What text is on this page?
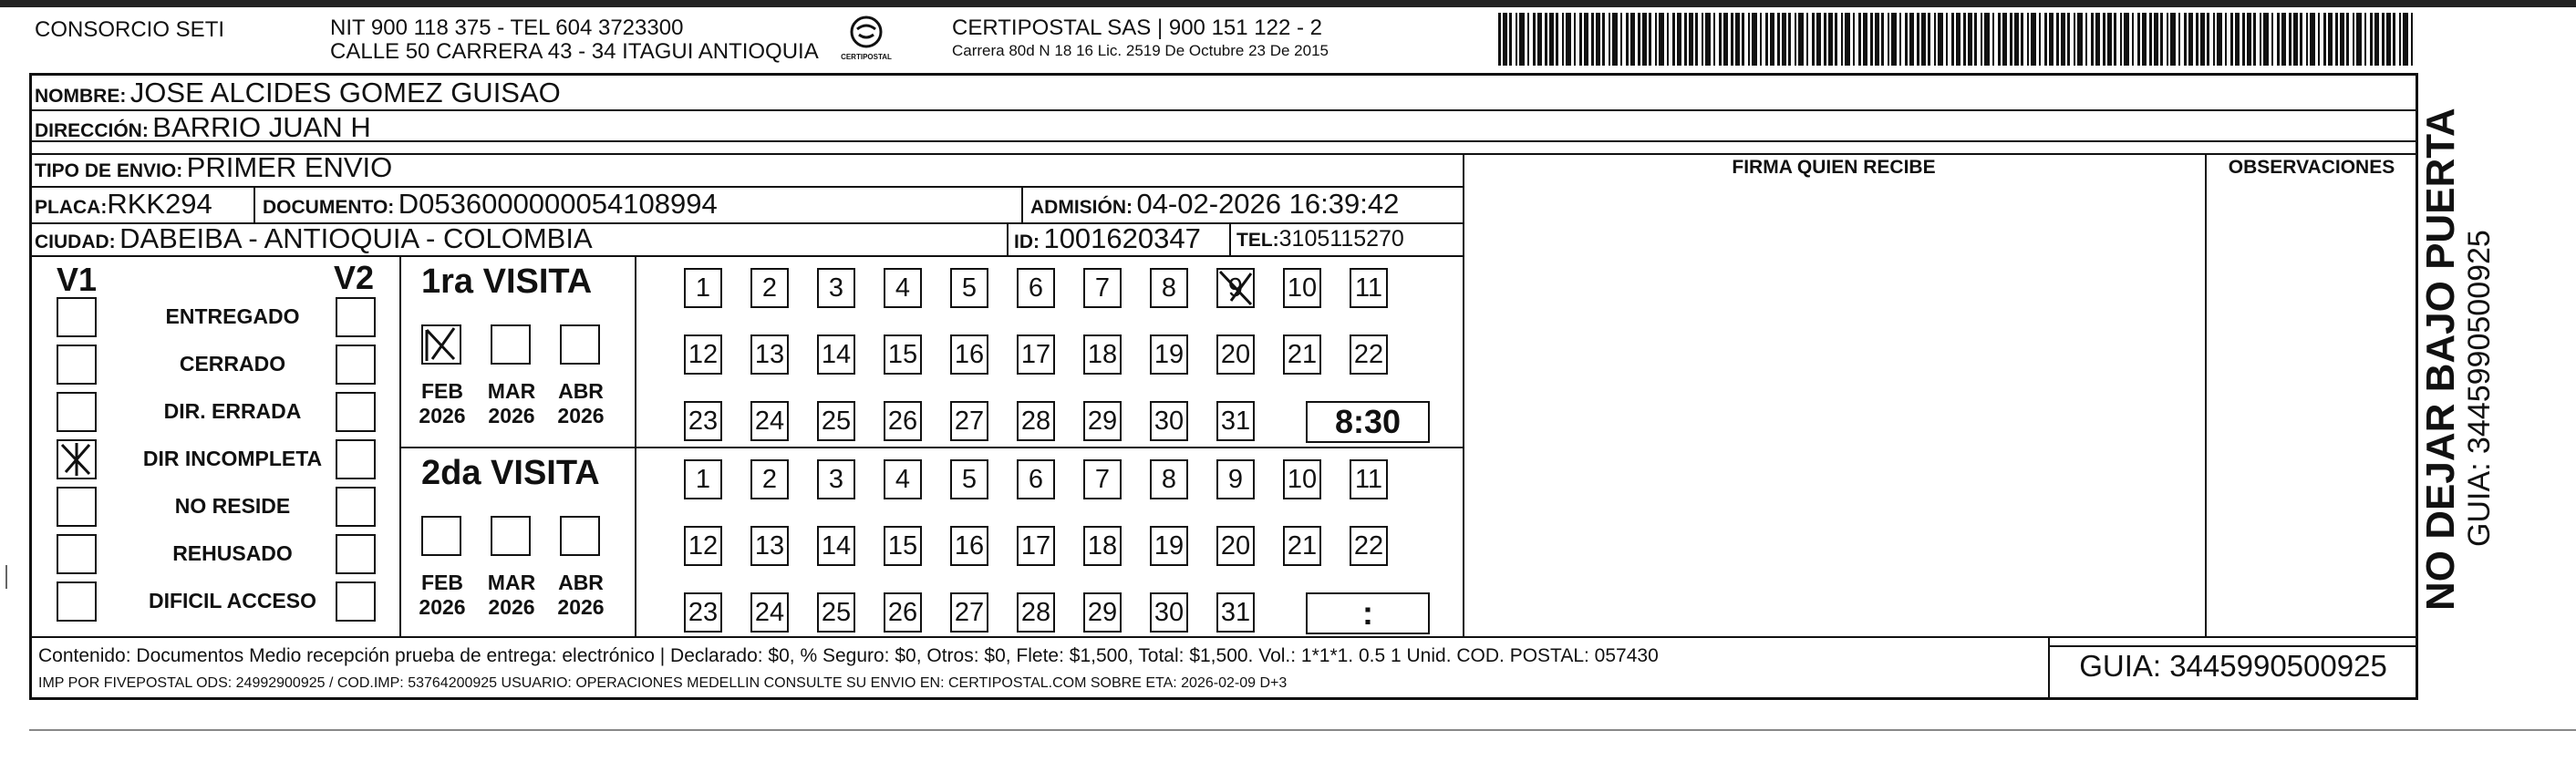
CONSORCIO SETI	NIT 900 118 375 - TEL 604 3723300
CALLE 50 CARRERA 43 - 34 ITAGUI ANTIOQUIA	CERTIPOSTAL
CERTIPOSTAL SAS | 900 151 122 - 2
Carrera 80d N 18 16 Lic. 2519 De Octubre 23 De 2015
NOMBRE: JOSE ALCIDES GOMEZ GUISAO
DIRECCIÓN: BARRIO JUAN H
TIPO DE ENVIO: PRIMER ENVIO
PLACA:RKK294	DOCUMENTO: D0536000000054108994	ADMISIÓN: 04-02-2026 16:39:42
CIUDAD: DABEIBA - ANTIOQUIA - COLOMBIA	ID: 1001620347 TEL:3105115270
FIRMA QUIEN RECIBE	OBSERVACIONES
V1	V2
ENTREGADO
CERRADO
DIR. ERRADA
DIR INCOMPLETA
NO RESIDE
REHUSADO
DIFICIL ACCESO
1ra VISITA
FEB
2026
MAR
2026
ABR
2026
1	2	3	4	5	6	7	8	9	10 11
12 13 14 15 16 17 18 19 20 21 22
23 24 25 26 27 28 29 30 31	8:30
2da VISITA
FEB
2026
MAR
2026
ABR
2026
1	2	3	4	5	6	7	8	9	10 11
12 13 14 15 16 17 18 19 20 21 22
23 24 25 26 27 28 29 30 31	:
Contenido: Documentos Medio recepción prueba de entrega: electrónico | Declarado: $0, % Seguro: $0, Otros: $0, Flete: $1,500, Total: $1,500. Vol.: 1*1*1. 0.5 1 Unid. COD. POSTAL: 057430
IMP POR FIVEPOSTAL ODS: 24992900925 / COD.IMP: 53764200925 USUARIO: OPERACIONES MEDELLIN CONSULTE SU ENVIO EN: CERTIPOSTAL.COM SOBRE ETA: 2026-02-09 D+3
GUIA: 3445990500925
NO DEJAR BAJO PUERTA GUIA: 3445990500925
